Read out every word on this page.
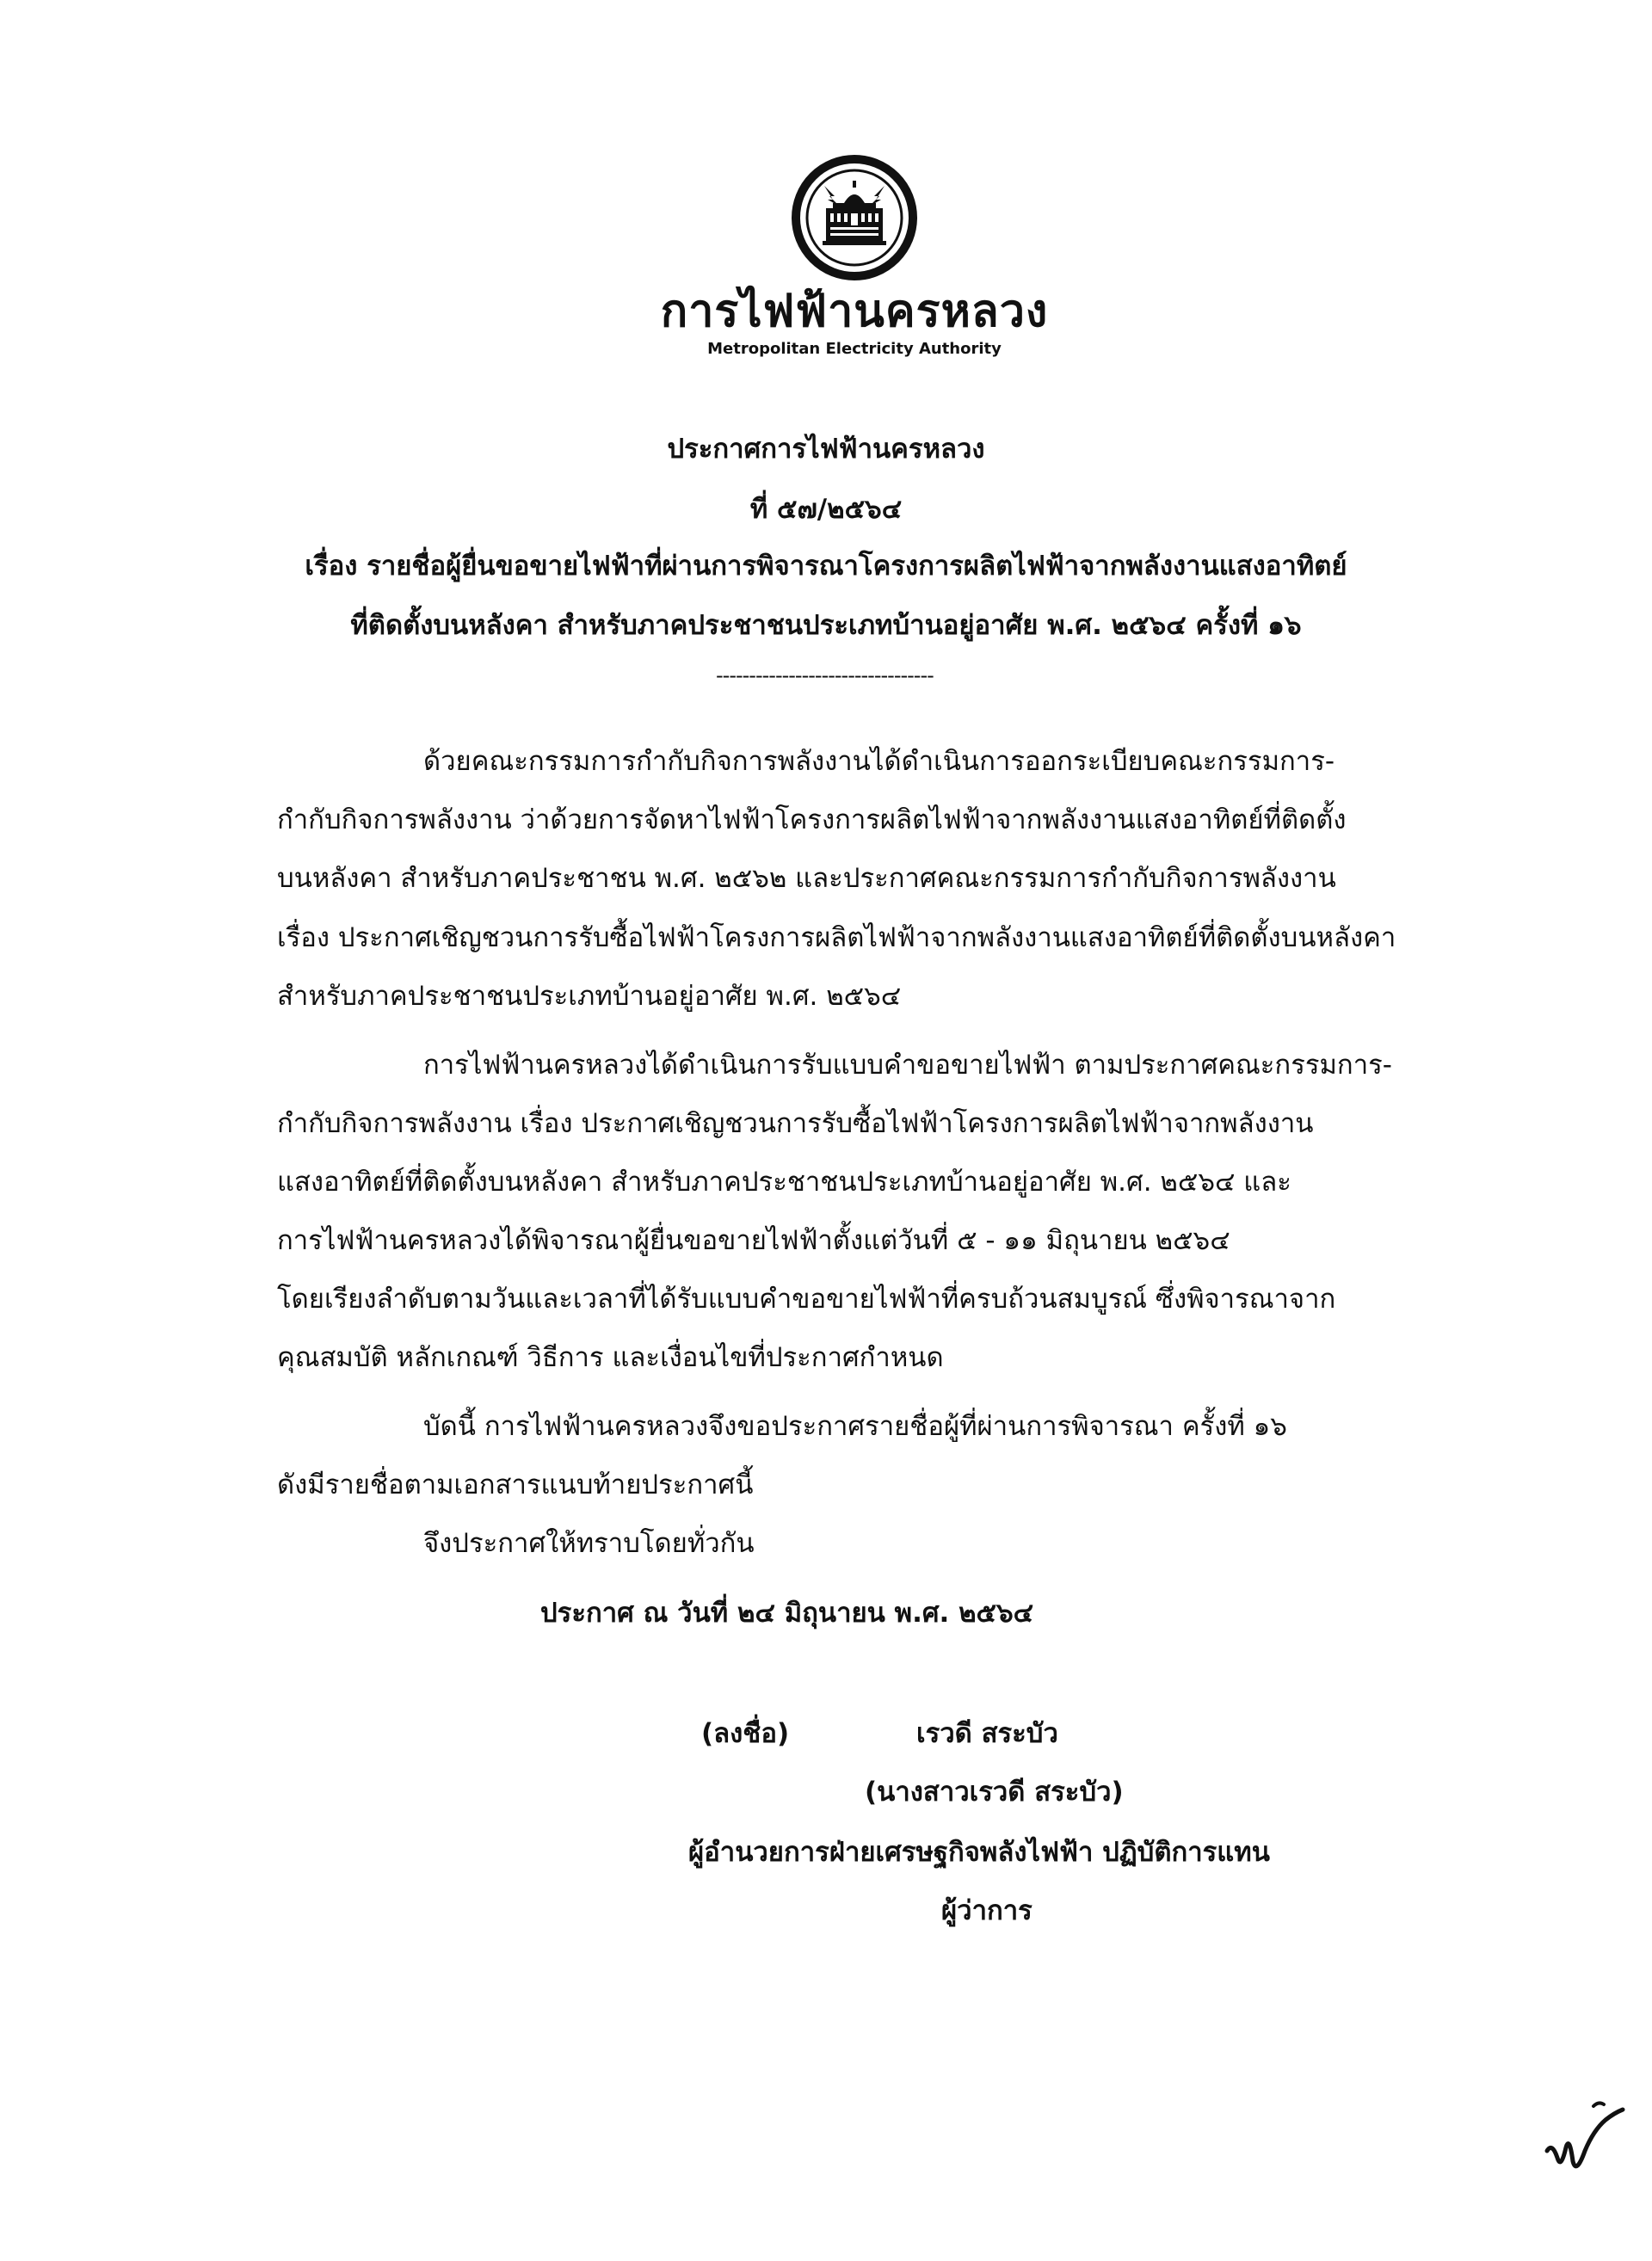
การไฟฟ้านครหลวง
Metropolitan Electricity Authority
ประกาศการไฟฟ้านครหลวง
ที่ ๕๗/๒๕๖๔
เรื่อง รายชื่อผู้ยื่นขอขายไฟฟ้าที่ผ่านการพิจารณาโครงการผลิตไฟฟ้าจากพลังงานแสงอาทิตย์
ที่ติดตั้งบนหลังคา สำหรับภาคประชาชนประเภทบ้านอยู่อาศัย พ.ศ. ๒๕๖๔ ครั้งที่ ๑๖
---------------------------------
ด้วยคณะกรรมการกำกับกิจการพลังงานได้ดำเนินการออกระเบียบคณะกรรมการ-
กำกับกิจการพลังงาน ว่าด้วยการจัดหาไฟฟ้าโครงการผลิตไฟฟ้าจากพลังงานแสงอาทิตย์ที่ติดตั้ง
บนหลังคา สำหรับภาคประชาชน พ.ศ. ๒๕๖๒ และประกาศคณะกรรมการกำกับกิจการพลังงาน
เรื่อง ประกาศเชิญชวนการรับซื้อไฟฟ้าโครงการผลิตไฟฟ้าจากพลังงานแสงอาทิตย์ที่ติดตั้งบนหลังคา
สำหรับภาคประชาชนประเภทบ้านอยู่อาศัย พ.ศ. ๒๕๖๔
การไฟฟ้านครหลวงได้ดำเนินการรับแบบคำขอขายไฟฟ้า ตามประกาศคณะกรรมการ-
กำกับกิจการพลังงาน เรื่อง ประกาศเชิญชวนการรับซื้อไฟฟ้าโครงการผลิตไฟฟ้าจากพลังงาน
แสงอาทิตย์ที่ติดตั้งบนหลังคา สำหรับภาคประชาชนประเภทบ้านอยู่อาศัย พ.ศ. ๒๕๖๔ และ
การไฟฟ้านครหลวงได้พิจารณาผู้ยื่นขอขายไฟฟ้าตั้งแต่วันที่ ๕ - ๑๑ มิถุนายน ๒๕๖๔
โดยเรียงลำดับตามวันและเวลาที่ได้รับแบบคำขอขายไฟฟ้าที่ครบถ้วนสมบูรณ์ ซึ่งพิจารณาจาก
คุณสมบัติ หลักเกณฑ์ วิธีการ และเงื่อนไขที่ประกาศกำหนด
บัดนี้ การไฟฟ้านครหลวงจึงขอประกาศรายชื่อผู้ที่ผ่านการพิจารณา ครั้งที่ ๑๖
ดังมีรายชื่อตามเอกสารแนบท้ายประกาศนี้
จึงประกาศให้ทราบโดยทั่วกัน
ประกาศ ณ วันที่ ๒๔ มิถุนายน พ.ศ. ๒๕๖๔
(ลงชื่อ)	เรวดี สระบัว
(นางสาวเรวดี สระบัว)
ผู้อำนวยการฝ่ายเศรษฐกิจพลังไฟฟ้า ปฏิบัติการแทน
ผู้ว่าการ
